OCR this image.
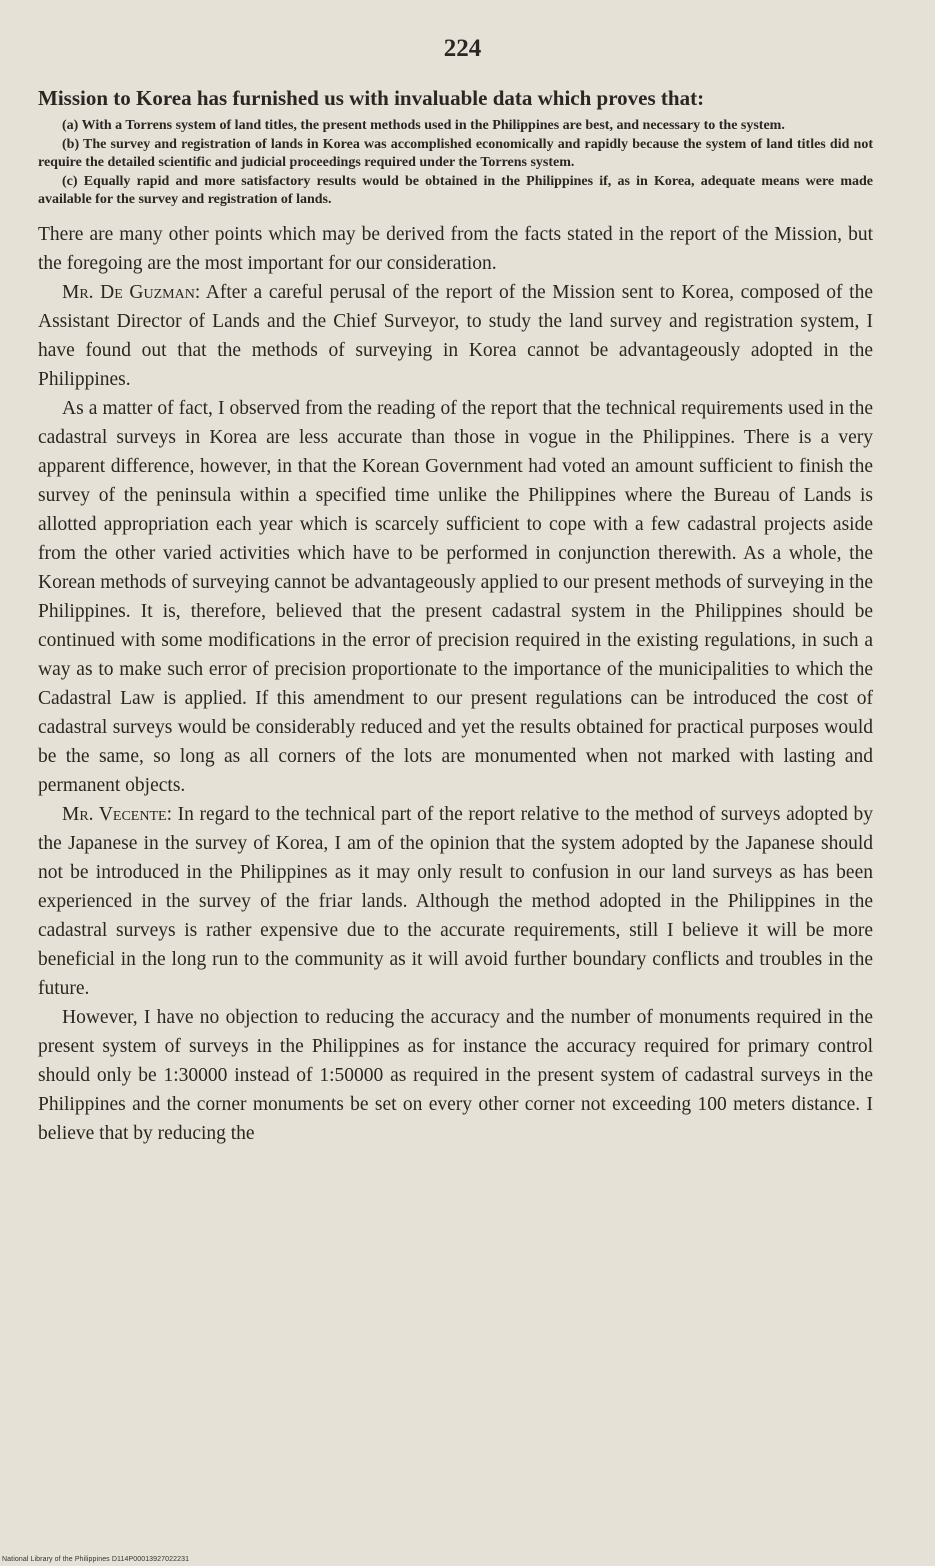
224
Mission to Korea has furnished us with invaluable data which proves that:

(a) With a Torrens system of land titles, the present methods used in the Philippines are best, and necessary to the system.

(b) The survey and registration of lands in Korea was accomplished economically and rapidly because the system of land titles did not require the detailed scientific and judicial proceedings required under the Torrens system.

(c) Equally rapid and more satisfactory results would be obtained in the Philippines if, as in Korea, adequate means were made available for the survey and registration of lands.

There are many other points which may be derived from the facts stated in the report of the Mission, but the foregoing are the most important for our consideration.

Mr. De Guzman: After a careful perusal of the report of the Mission sent to Korea, composed of the Assistant Director of Lands and the Chief Surveyor, to study the land survey and registration system, I have found out that the methods of surveying in Korea cannot be advantageously adopted in the Philippines.

As a matter of fact, I observed from the reading of the report that the technical requirements used in the cadastral surveys in Korea are less accurate than those in vogue in the Philippines. There is a very apparent difference, however, in that the Korean Government had voted an amount sufficient to finish the survey of the peninsula within a specified time unlike the Philippines where the Bureau of Lands is allotted appropriation each year which is scarcely sufficient to cope with a few cadastral projects aside from the other varied activities which have to be performed in conjunction therewith. As a whole, the Korean methods of surveying cannot be advantageously applied to our present methods of surveying in the Philippines. It is, therefore, believed that the present cadastral system in the Philippines should be continued with some modifications in the error of precision required in the existing regulations, in such a way as to make such error of precision proportionate to the importance of the municipalities to which the Cadastral Law is applied. If this amendment to our present regulations can be introduced the cost of cadastral surveys would be considerably reduced and yet the results obtained for practical purposes would be the same, so long as all corners of the lots are monumented when not marked with lasting and permanent objects.

Mr. Vecente: In regard to the technical part of the report relative to the method of surveys adopted by the Japanese in the survey of Korea, I am of the opinion that the system adopted by the Japanese should not be introduced in the Philippines as it may only result to confusion in our land surveys as has been experienced in the survey of the friar lands. Although the method adopted in the Philippines in the cadastral surveys is rather expensive due to the accurate requirements, still I believe it will be more beneficial in the long run to the community as it will avoid further boundary conflicts and troubles in the future.

However, I have no objection to reducing the accuracy and the number of monuments required in the present system of surveys in the Philippines as for instance the accuracy required for primary control should only be 1:30000 instead of 1:50000 as required in the present system of cadastral surveys in the Philippines and the corner monuments be set on every other corner not exceeding 100 meters distance. I believe that by reducing the

National Library of the Philippines D114P00013927022231
